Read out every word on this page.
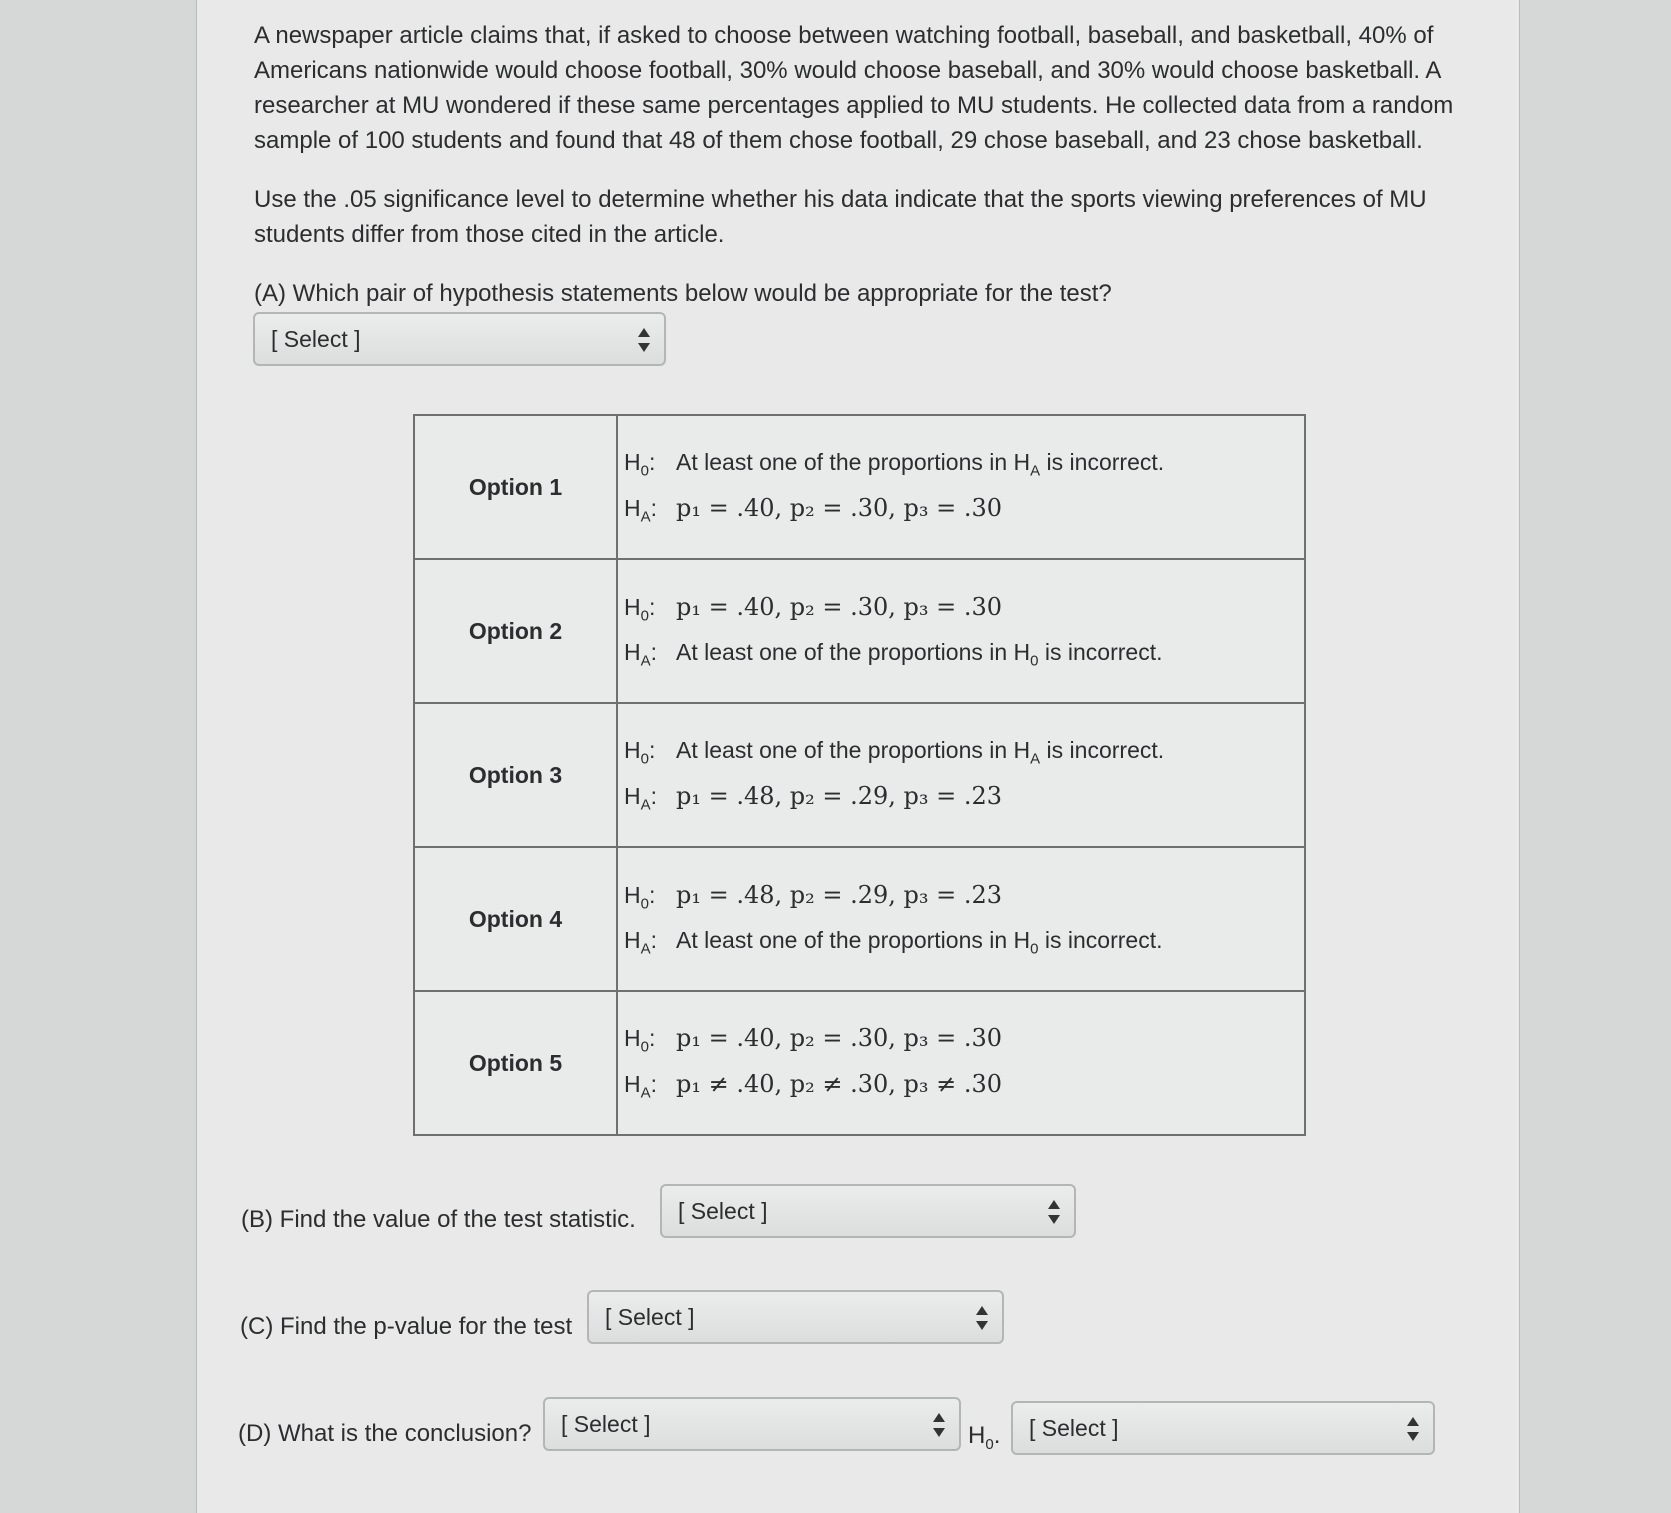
A newspaper article claims that, if asked to choose between watching football, baseball, and basketball, 40% of Americans nationwide would choose football, 30% would choose baseball, and 30% would choose basketball. A researcher at MU wondered if these same percentages applied to MU students. He collected data from a random sample of 100 students and found that 48 of them chose football, 29 chose baseball, and 23 chose basketball.

Use the .05 significance level to determine whether his data indicate that the sports viewing preferences of MU students differ from those cited in the article.

(A) Which pair of hypothesis statements below would be appropriate for the test?

[ Select ]
Option 1	$H_0$: At least one of the proportions in $H_A$ is incorrect.
$H_A$: p₁ = .40, p₂ = .30, p₃ = .30

Option 2	$H_0$: p₁ = .40, p₂ = .30, p₃ = .30
$H_A$: At least one of the proportions in $H_0$ is incorrect.

Option 3	$H_0$: At least one of the proportions in $H_A$ is incorrect.
$H_A$: p₁ = .48, p₂ = .29, p₃ = .23

Option 4	$H_0$: p₁ = .48, p₂ = .29, p₃ = .23
$H_A$: At least one of the proportions in $H_0$ is incorrect.

Option 5	$H_0$: p₁ = .40, p₂ = .30, p₃ = .30
$H_A$: p₁ ≠ .40, p₂ ≠ .30, p₃ ≠ .30
(B) Find the value of the test statistic.	[ Select ]
(C) Find the p-value for the test	[ Select ]
(D) What is the conclusion?	[ Select ]	$H_0$.	[ Select ]
